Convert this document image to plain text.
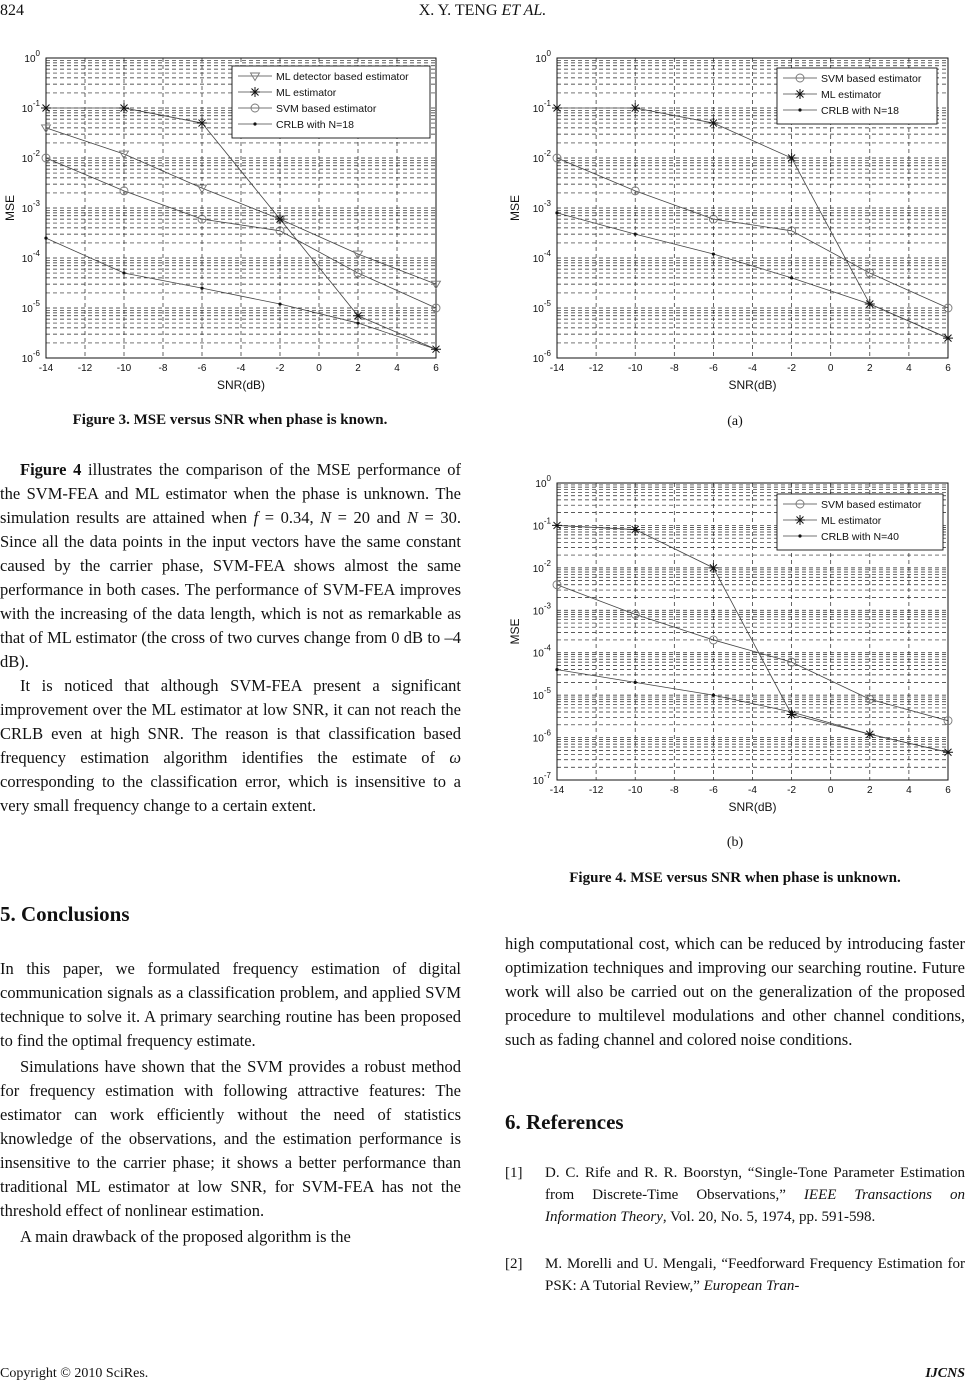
824	X. Y. TENG ET AL.
-14 -12 -10	-8	-6	-4	-2	0	2	4	6
$10^0$
$10^{-1}$
$10^{-2}$
$10^{-3}$
$10^{-4}$
$10^{-5}$
$10^{-6}$
SNR(dB)
MSE
ML detector based estimator
ML estimator
SVM based estimator
CRLB with N=18
Figure 3. MSE versus SNR when phase is known.
-14 -12 -10	-8	-6	-4	-2	0	2	4	6
$10^0$
$10^{-1}$
$10^{-2}$
$10^{-3}$
$10^{-4}$
$10^{-5}$
$10^{-6}$
SNR(dB)
MSE
SVM based estimator
ML estimator
CRLB with N=18
(a)
-14 -12 -10	-8	-6	-4	-2	0	2	4	6
$10^0$
$10^{-1}$
$10^{-2}$
$10^{-3}$
$10^{-4}$
$10^{-5}$
$10^{-6}$
$10^{-7}$
SNR(dB)
MSE
SVM based estimator
ML estimator
CRLB with N=40
(b)
Figure 4. MSE versus SNR when phase is unknown.

Figure 4 illustrates the comparison of the MSE performance of the SVM-FEA and ML estimator when the phase is unknown. The simulation results are attained when f = 0.34, N = 20 and N = 30. Since all the data points in the input vectors have the same constant caused by the carrier phase, SVM-FEA shows almost the same performance in both cases. The performance of SVM-FEA improves with the increasing of the data length, which is not as remarkable as that of ML estimator (the cross of two curves change from 0 dB to –4 dB).

It is noticed that although SVM-FEA present a significant improvement over the ML estimator at low SNR, it can not reach the CRLB even at high SNR. The reason is that classification based frequency estimation algorithm identifies the estimate of ω corresponding to the classification error, which is insensitive to a very small frequency change to a certain extent.

5. Conclusions

In this paper, we formulated frequency estimation of digital communication signals as a classification problem, and applied SVM technique to solve it. A primary searching routine has been proposed to find the optimal frequency estimate.

Simulations have shown that the SVM provides a robust method for frequency estimation with following attractive features: The estimator can work efficiently without the need of statistics knowledge of the observations, and the estimation performance is insensitive to the carrier phase; it shows a better performance than traditional ML estimator at low SNR, for SVM-FEA has not the threshold effect of nonlinear estimation.

A main drawback of the proposed algorithm is the

high computational cost, which can be reduced by introducing faster optimization techniques and improving our searching routine. Future work will also be carried out on the generalization of the proposed procedure to multilevel modulations and other channel conditions, such as fading channel and colored noise conditions.

6. References
[1] D. C. Rife and R. R. Boorstyn, “Single-Tone Parameter Estimation from Discrete-Time Observations,” IEEE Transactions on Information Theory, Vol. 20, No. 5, 1974, pp. 591-598.
[2] M. Morelli and U. Mengali, “Feedforward Frequency Estimation for PSK: A Tutorial Review,” European Tran-
Copyright © 2010 SciRes.	IJCNS
